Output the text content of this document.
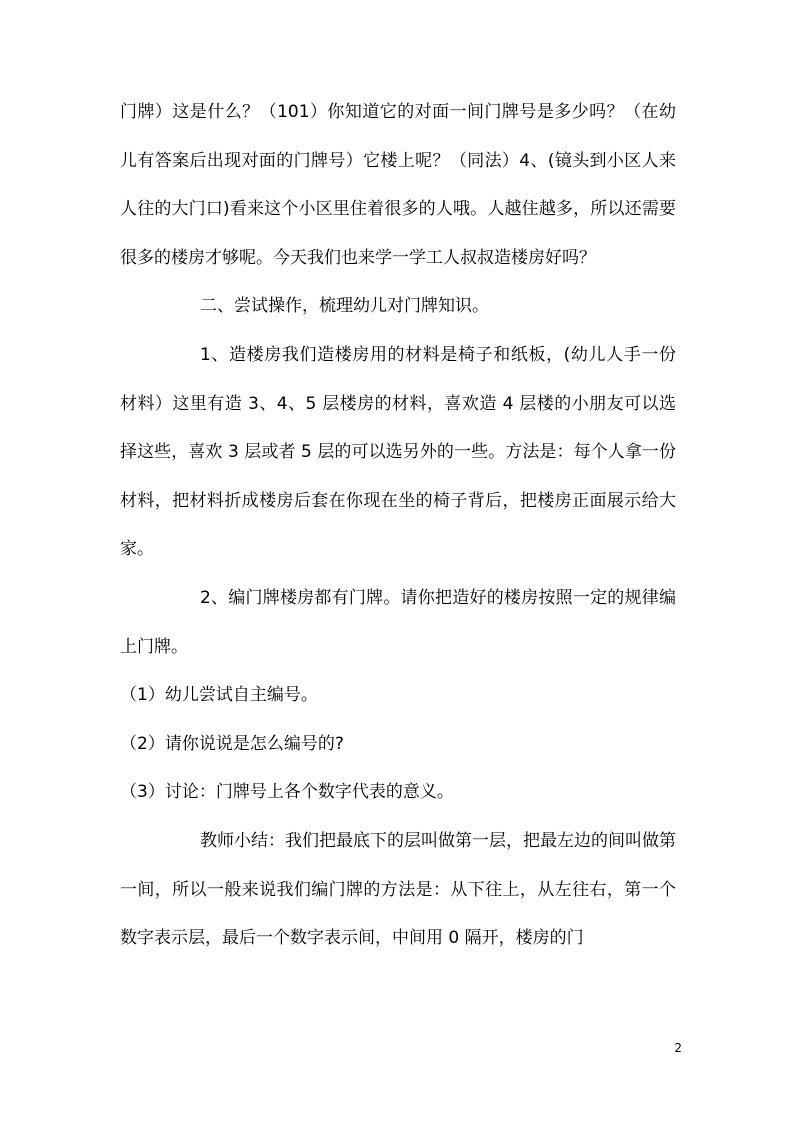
门牌）这是什么？（101）你知道它的对面一间门牌号是多少吗？（在幼儿有答案后出现对面的门牌号）它楼上呢？（同法）4、(镜头到小区人来人往的大门口)看来这个小区里住着很多的人哦。人越住越多，所以还需要很多的楼房才够呢。今天我们也来学一学工人叔叔造楼房好吗？

二、尝试操作，梳理幼儿对门牌知识。

1、造楼房我们造楼房用的材料是椅子和纸板，(幼儿人手一份材料）这里有造 3、4、5 层楼房的材料，喜欢造 4 层楼的小朋友可以选择这些，喜欢 3 层或者 5 层的可以选另外的一些。方法是：每个人拿一份材料，把材料折成楼房后套在你现在坐的椅子背后，把楼房正面展示给大家。

2、编门牌楼房都有门牌。请你把造好的楼房按照一定的规律编上门牌。

（1）幼儿尝试自主编号。

（2）请你说说是怎么编号的?

（3）讨论：门牌号上各个数字代表的意义。

教师小结：我们把最底下的层叫做第一层，把最左边的间叫做第一间，所以一般来说我们编门牌的方法是：从下往上，从左往右，第一个数字表示层，最后一个数字表示间，中间用 0 隔开，楼房的门

2
